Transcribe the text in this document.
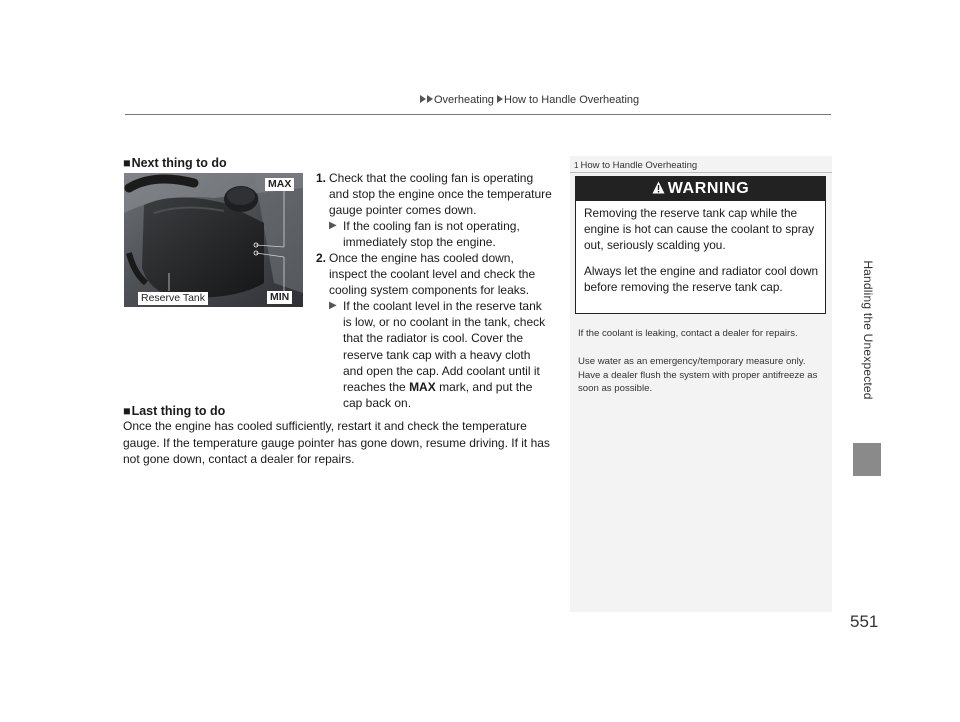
Overheating How to Handle Overheating
Handling the Unexpected
551
■Next thing to do
MAX
MIN
Reserve Tank
1. Check that the cooling fan is operating and stop the engine once the temperature gauge pointer comes down.
▶ If the cooling fan is not operating, immediately stop the engine.
2. Once the engine has cooled down, inspect the coolant level and check the cooling system components for leaks.
▶ If the coolant level in the reserve tank is low, or no coolant in the tank, check that the radiator is cool. Cover the reserve tank cap with a heavy cloth and open the cap. Add coolant until it reaches the MAX mark, and put the cap back on.
■Last thing to do
Once the engine has cooled sufficiently, restart it and check the temperature gauge. If the temperature gauge pointer has gone down, resume driving. If it has not gone down, contact a dealer for repairs.
1 How to Handle Overheating
WARNING
Removing the reserve tank cap while the engine is hot can cause the coolant to spray out, seriously scalding you.
Always let the engine and radiator cool down before removing the reserve tank cap.
If the coolant is leaking, contact a dealer for repairs.
Use water as an emergency/temporary measure only. Have a dealer flush the system with proper antifreeze as soon as possible.
